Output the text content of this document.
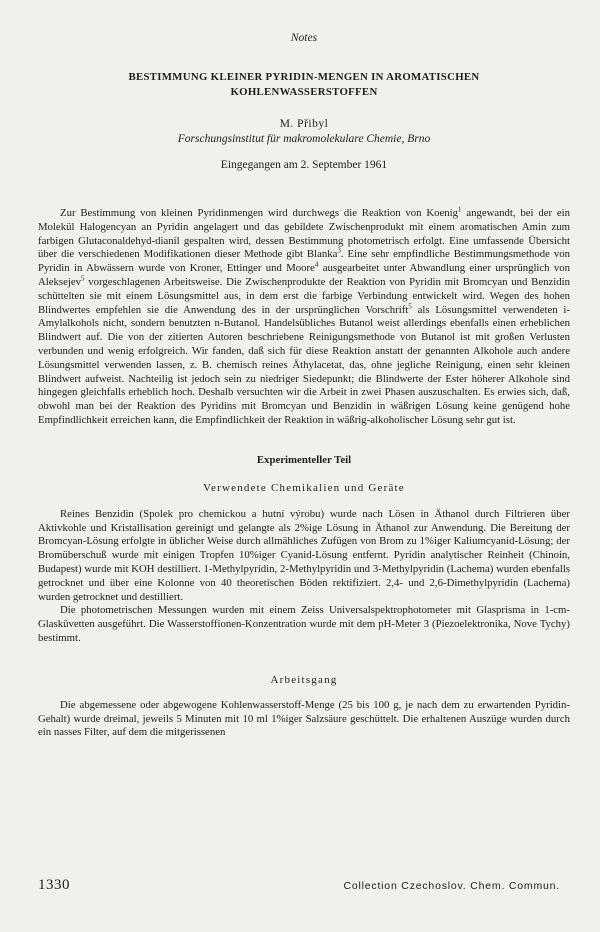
Notes
BESTIMMUNG KLEINER PYRIDIN-MENGEN IN AROMATISCHEN
KOHLENWASSERSTOFFEN
M. Přibyl
Forschungsinstitut für makromolekulare Chemie, Brno
Eingegangen am 2. September 1961

Zur Bestimmung von kleinen Pyridinmengen wird durchwegs die Reaktion von Koenig$^1$ angewandt, bei der ein Molekül Halogencyan an Pyridin angelagert und das gebildete Zwischenprodukt mit einem aromatischen Amin zum farbigen Glutaconaldehyd-dianil gespalten wird, dessen Bestimmung photometrisch erfolgt. Eine umfassende Übersicht über die verschiedenen Modifikationen dieser Methode gibt Blanka$^3$. Eine sehr empfindliche Bestimmungsmethode von Pyridin in Abwässern wurde von Kroner, Ettinger und Moore$^4$ ausgearbeitet unter Abwandlung einer ursprünglich von Aleksejev$^5$ vorgeschlagenen Arbeitsweise. Die Zwischenprodukte der Reaktion von Pyridin mit Bromcyan und Benzidin schüttelten sie mit einem Lösungsmittel aus, in dem erst die farbige Verbindung entwickelt wird. Wegen des hohen Blindwertes empfehlen sie die Anwendung des in der ursprünglichen Vorschrift$^5$ als Lösungsmittel verwendeten i-Amylalkohols nicht, sondern benutzten n-Butanol. Handelsübliches Butanol weist allerdings ebenfalls einen erheblichen Blindwert auf. Die von der zitierten Autoren beschriebene Reinigungsmethode von Butanol ist mit großen Verlusten verbunden und wenig erfolgreich. Wir fanden, daß sich für diese Reaktion anstatt der genannten Alkohole auch andere Lösungsmittel verwenden lassen, z. B. chemisch reines Äthylacetat, das, ohne jegliche Reinigung, einen sehr kleinen Blindwert aufweist. Nachteilig ist jedoch sein zu niedriger Siedepunkt; die Blindwerte der Ester höherer Alkohole sind hingegen gleichfalls erheblich hoch. Deshalb versuchten wir die Arbeit in zwei Phasen auszuschalten. Es erwies sich, daß, obwohl man bei der Reaktion des Pyridins mit Bromcyan und Benzidin in wäßrigen Lösung keine genügend hohe Empfindlichkeit erreichen kann, die Empfindlichkeit der Reaktion in wäßrig-alkoholischer Lösung sehr gut ist.

Experimenteller Teil
Verwendete Chemikalien und Geräte

Reines Benzidin (Spolek pro chemickou a hutní výrobu) wurde nach Lösen in Äthanol durch Filtrieren über Aktivkohle und Kristallisation gereinigt und gelangte als 2%ige Lösung in Äthanol zur Anwendung. Die Bereitung der Bromcyan-Lösung erfolgte in üblicher Weise durch allmähliches Zufügen von Brom zu 1%iger Kaliumcyanid-Lösung; der Bromüberschuß wurde mit einigen Tropfen 10%iger Cyanid-Lösung entfernt. Pyridin analytischer Reinheit (Chinoin, Budapest) wurde mit KOH destilliert. 1-Methylpyridin, 2-Methylpyridin und 3-Methylpyridin (Lachema) wurden ebenfalls getrocknet und über eine Kolonne von 40 theoretischen Böden rektifiziert. 2,4- und 2,6-Dimethylpyridin (Lachema) wurden getrocknet und destilliert.

Die photometrischen Messungen wurden mit einem Zeiss Universalspektrophotometer mit Glasprisma in 1-cm-Glasküvetten ausgeführt. Die Wasserstoffionen-Konzentration wurde mit dem pH-Meter 3 (Piezoelektronika, Nove Tychy) bestimmt.

Arbeitsgang

Die abgemessene oder abgewogene Kohlenwasserstoff-Menge (25 bis 100 g, je nach dem zu erwartenden Pyridin-Gehalt) wurde dreimal, jeweils 5 Minuten mit 10 ml 1%iger Salzsäure geschüttelt. Die erhaltenen Auszüge wurden durch ein nasses Filter, auf dem die mitgerissenen

1330	Collection Czechoslov. Chem. Commun.
